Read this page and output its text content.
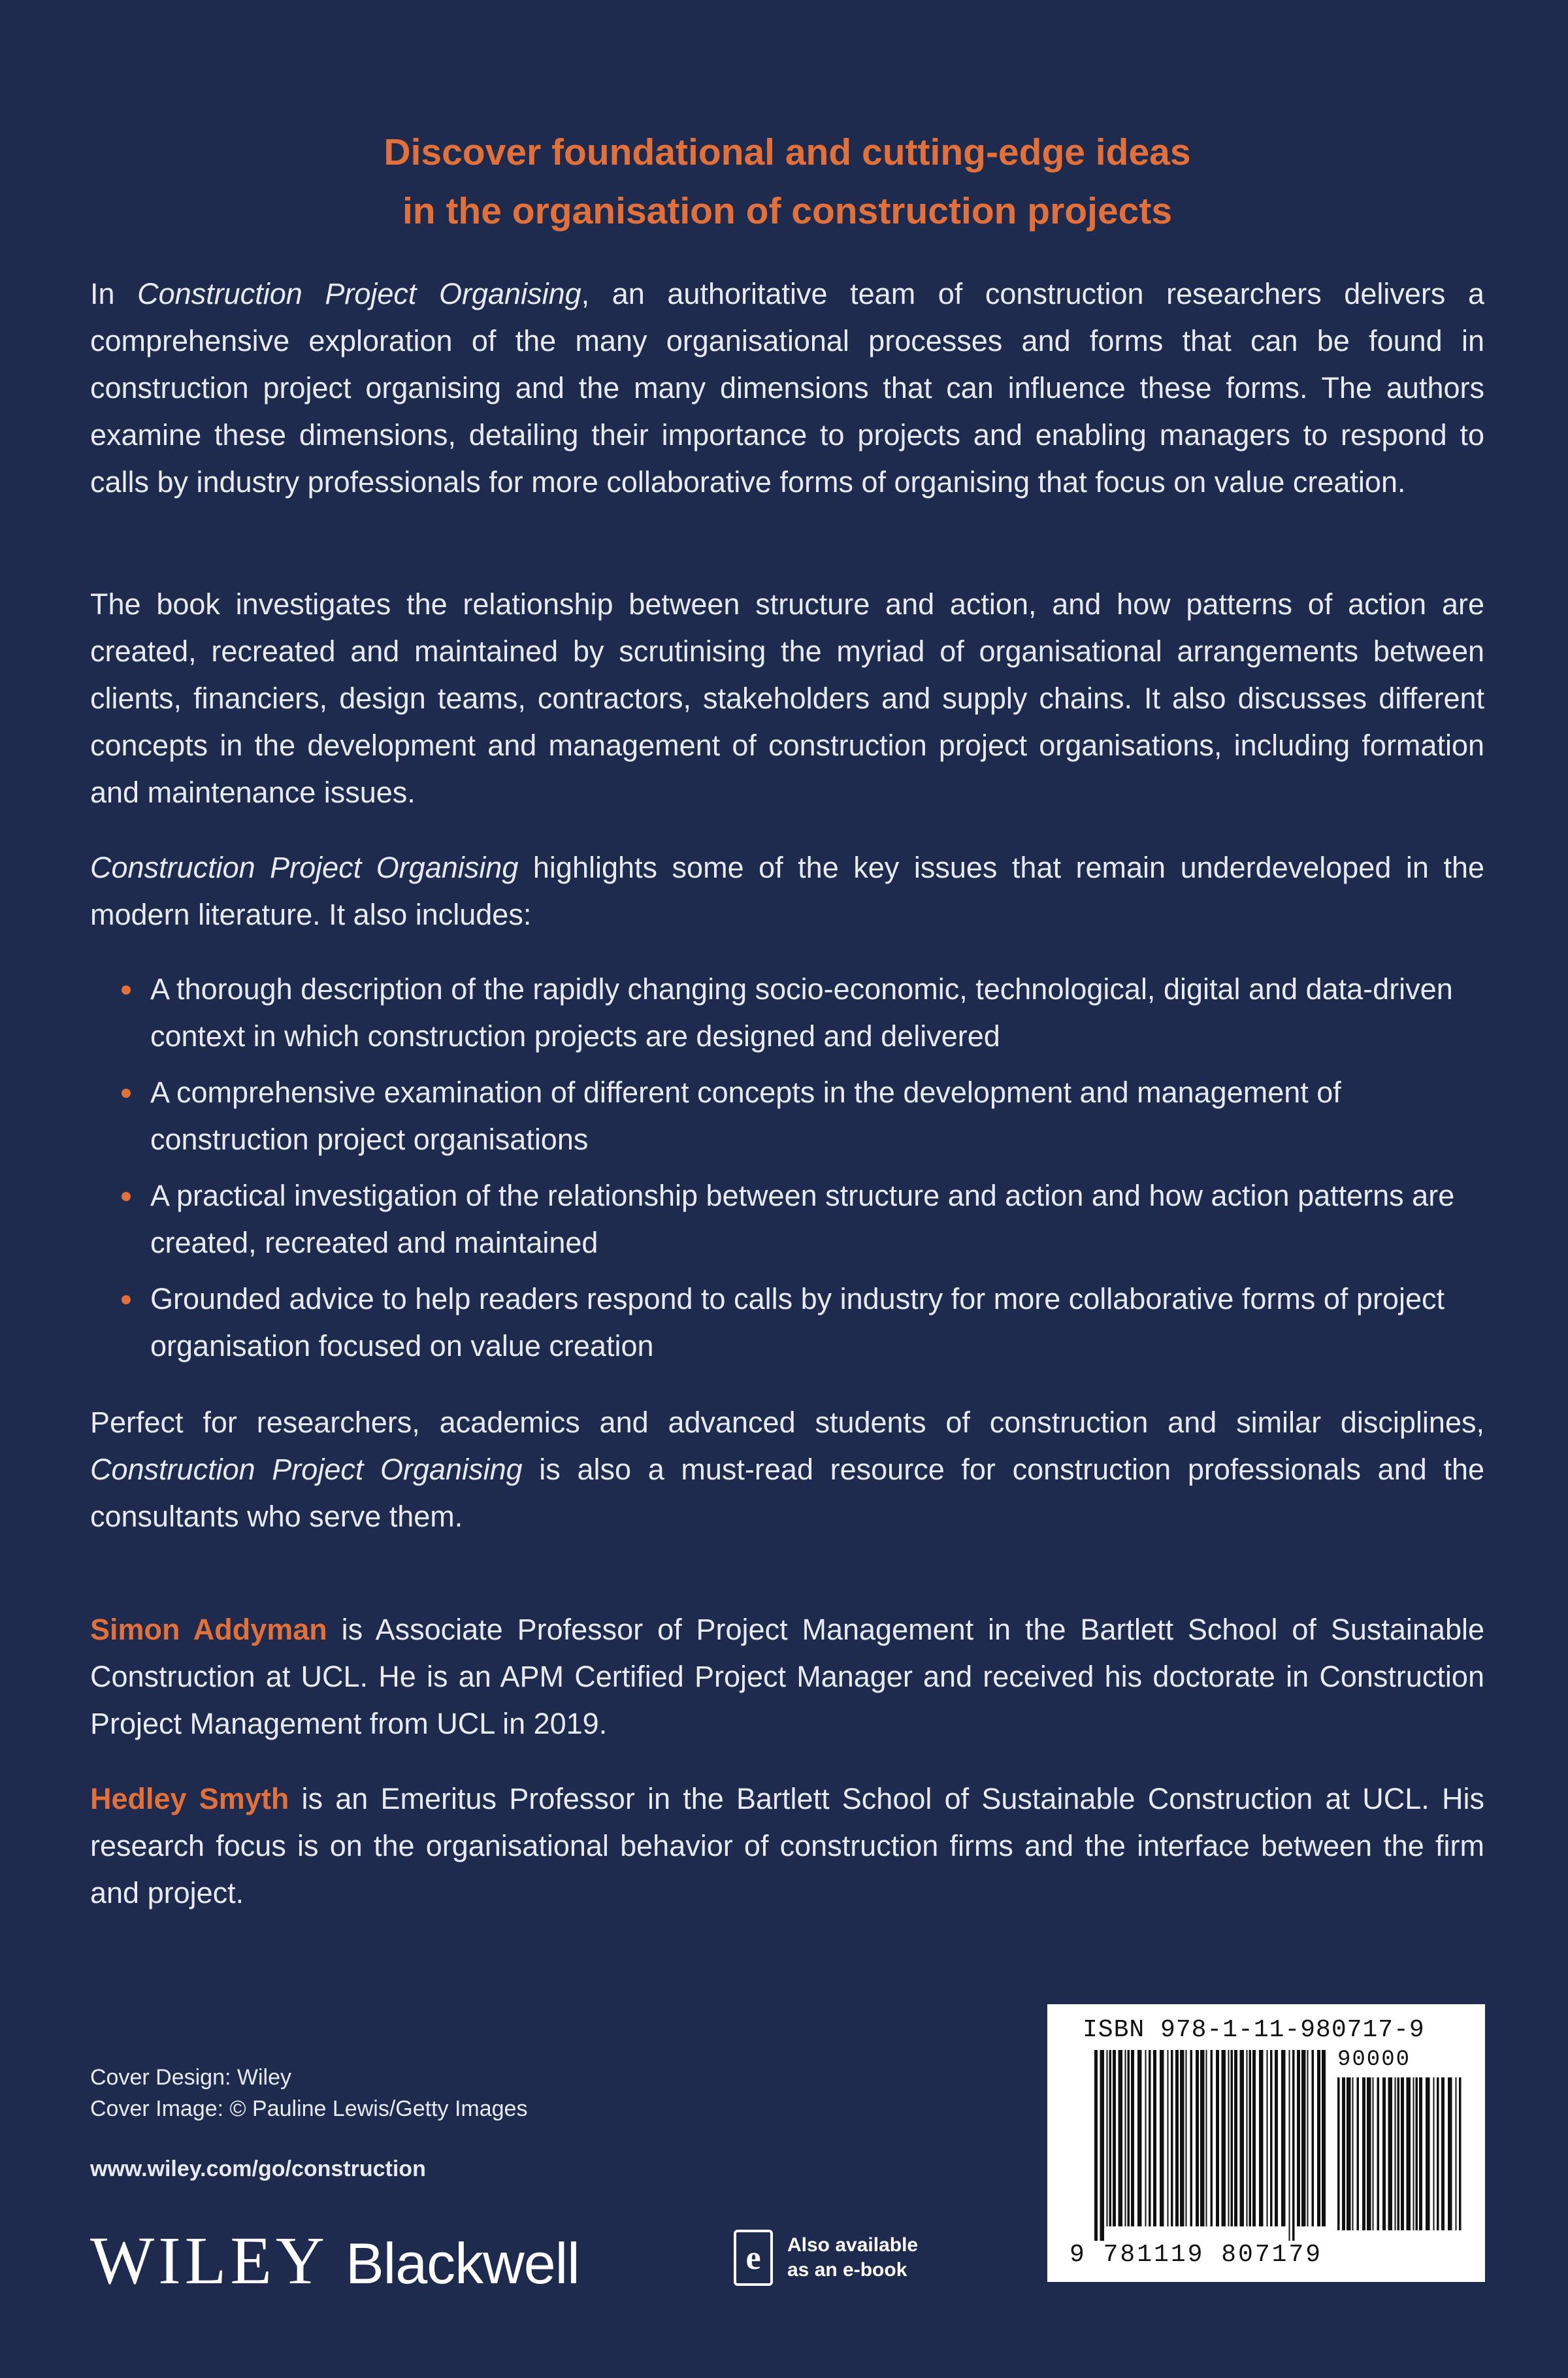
Discover foundational and cutting-edge ideas
in the organisation of construction projects

In Construction Project Organising, an authoritative team of construction researchers delivers a comprehensive exploration of the many organisational processes and forms that can be found in construction project organising and the many dimensions that can influence these forms. The authors examine these dimensions, detailing their importance to projects and enabling managers to respond to calls by industry professionals for more collaborative forms of organising that focus on value creation.

The book investigates the relationship between structure and action, and how patterns of action are created, recreated and maintained by scrutinising the myriad of organisational arrangements between clients, financiers, design teams, contractors, stakeholders and supply chains. It also discusses different concepts in the development and management of construction project organisations, including formation and maintenance issues.

Construction Project Organising highlights some of the key issues that remain underdeveloped in the modern literature. It also includes:

A thorough description of the rapidly changing socio-economic, technological, digital and data-driven context in which construction projects are designed and delivered
A comprehensive examination of different concepts in the development and management of construction project organisations
A practical investigation of the relationship between structure and action and how action patterns are created, recreated and maintained
Grounded advice to help readers respond to calls by industry for more collaborative forms of project organisation focused on value creation

Perfect for researchers, academics and advanced students of construction and similar disciplines, Construction Project Organising is also a must-read resource for construction professionals and the consultants who serve them.

Simon Addyman is Associate Professor of Project Management in the Bartlett School of Sustainable Construction at UCL. He is an APM Certified Project Manager and received his doctorate in Construction Project Management from UCL in 2019.

Hedley Smyth is an Emeritus Professor in the Bartlett School of Sustainable Construction at UCL. His research focus is on the organisational behavior of construction firms and the interface between the firm and project.

Cover Design: Wiley
Cover Image: © Pauline Lewis/Getty Images
www.wiley.com/go/construction
WILEY Blackwell	e	Also available
as an e-book
ISBN 978-1-11-980717-9
90000
9 781119 807179
